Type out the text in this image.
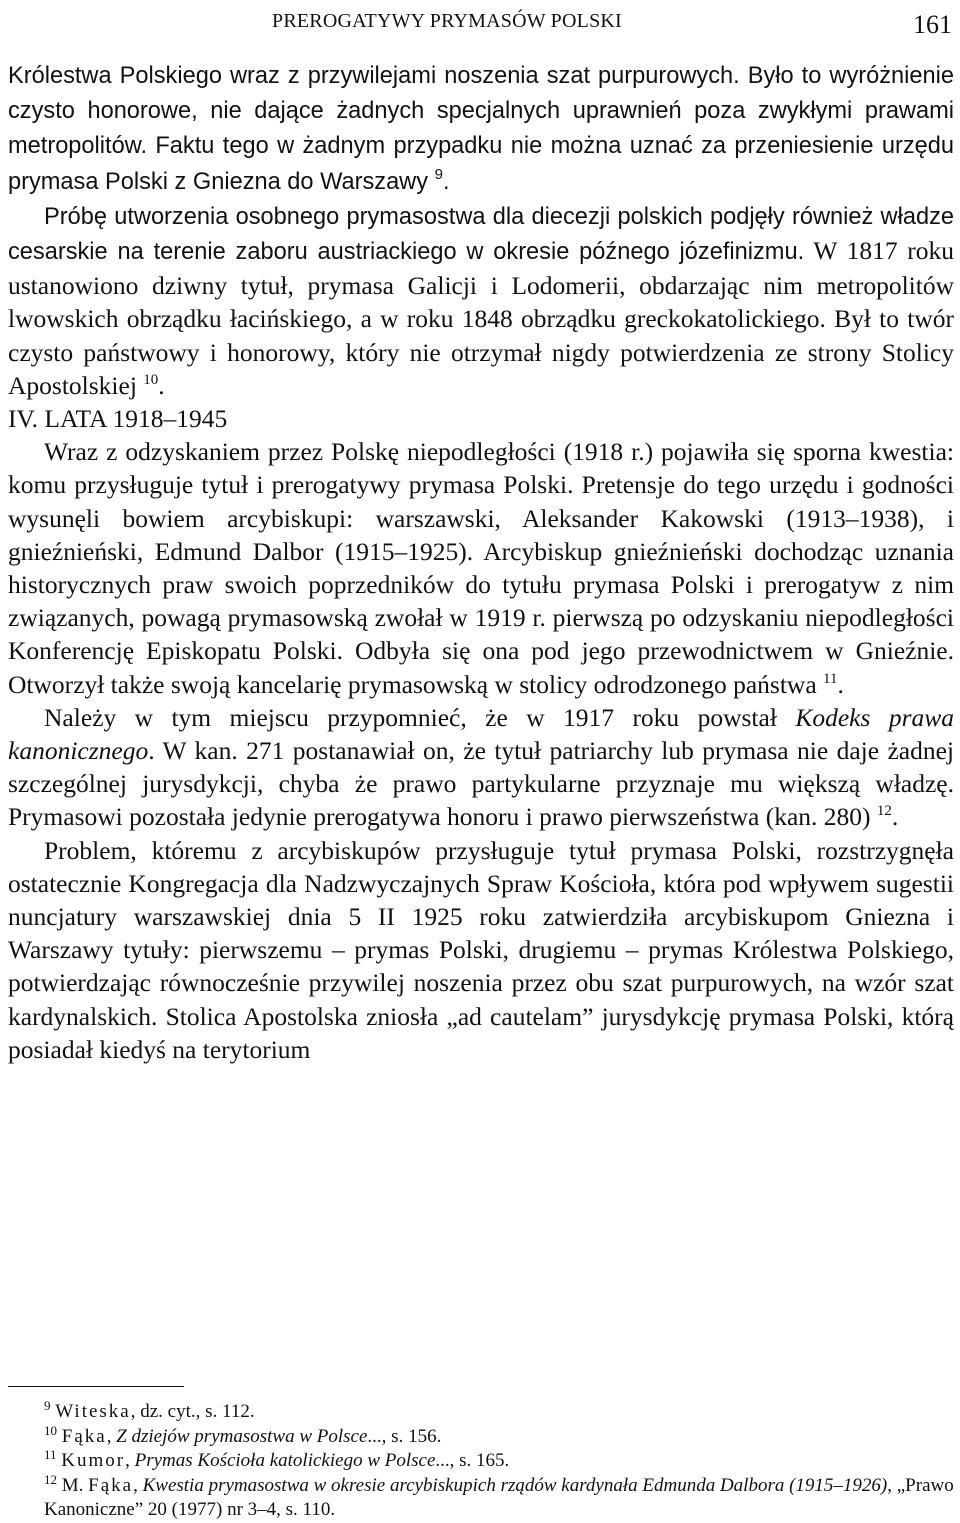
PREROGATYWY PRYMASÓW POLSKI	161

Królestwa Polskiego wraz z przywilejami noszenia szat purpurowych. Było to wyróżnienie czysto honorowe, nie dające żadnych specjalnych uprawnień poza zwykłymi prawami metropolitów. Faktu tego w żadnym przypadku nie można uznać za przeniesienie urzędu prymasa Polski z Gniezna do Warszawy $^9$.

Próbę utworzenia osobnego prymasostwa dla diecezji polskich podjęły również władze cesarskie na terenie zaboru austriackiego w okresie późnego józefinizmu. W 1817 roku ustanowiono dziwny tytuł, prymasa Galicji i Lodomerii, obdarzając nim metropolitów lwowskich obrządku łacińskiego, a w roku 1848 obrządku greckokatolickiego. Był to twór czysto państwowy i honorowy, który nie otrzymał nigdy potwierdzenia ze strony Stolicy Apostolskiej $^{10}$.

IV. LATA 1918–1945

Wraz z odzyskaniem przez Polskę niepodległości (1918 r.) pojawiła się sporna kwestia: komu przysługuje tytuł i prerogatywy prymasa Polski. Pretensje do tego urzędu i godności wysunęli bowiem arcybiskupi: warszawski, Aleksander Kakowski (1913–1938), i gnieźnieński, Edmund Dalbor (1915–1925). Arcybiskup gnieźnieński dochodząc uznania historycznych praw swoich poprzedników do tytułu prymasa Polski i prerogatyw z nim związanych, powagą prymasowską zwołał w 1919 r. pierwszą po odzyskaniu niepodległości Konferencję Episkopatu Polski. Odbyła się ona pod jego przewodnictwem w Gnieźnie. Otworzył także swoją kancelarię prymasowską w stolicy odrodzonego państwa $^{11}$.

Należy w tym miejscu przypomnieć, że w 1917 roku powstał Kodeks prawa kanonicznego. W kan. 271 postanawiał on, że tytuł patriarchy lub prymasa nie daje żadnej szczególnej jurysdykcji, chyba że prawo partykularne przyznaje mu większą władzę. Prymasowi pozostała jedynie prerogatywa honoru i prawo pierwszeństwa (kan. 280) $^{12}$.

Problem, któremu z arcybiskupów przysługuje tytuł prymasa Polski, rozstrzygnęła ostatecznie Kongregacja dla Nadzwyczajnych Spraw Kościoła, która pod wpływem sugestii nuncjatury warszawskiej dnia 5 II 1925 roku zatwierdziła arcybiskupom Gniezna i Warszawy tytuły: pierwszemu – prymas Polski, drugiemu – prymas Królestwa Polskiego, potwierdzając równocześnie przywilej noszenia przez obu szat purpurowych, na wzór szat kardynalskich. Stolica Apostolska zniosła „ad cautelam” jurysdykcję prymasa Polski, którą posiadał kiedyś na terytorium

$^9$ Witeska, dz. cyt., s. 112.

$^{10}$ Fąka, Z dziejów prymasostwa w Polsce..., s. 156.

$^{11}$ Kumor, Prymas Kościoła katolickiego w Polsce..., s. 165.

$^{12}$ M. Fąka, Kwestia prymasostwa w okresie arcybiskupich rządów kardynała Edmunda Dalbora (1915–1926), „Prawo Kanoniczne” 20 (1977) nr 3–4, s. 110.
